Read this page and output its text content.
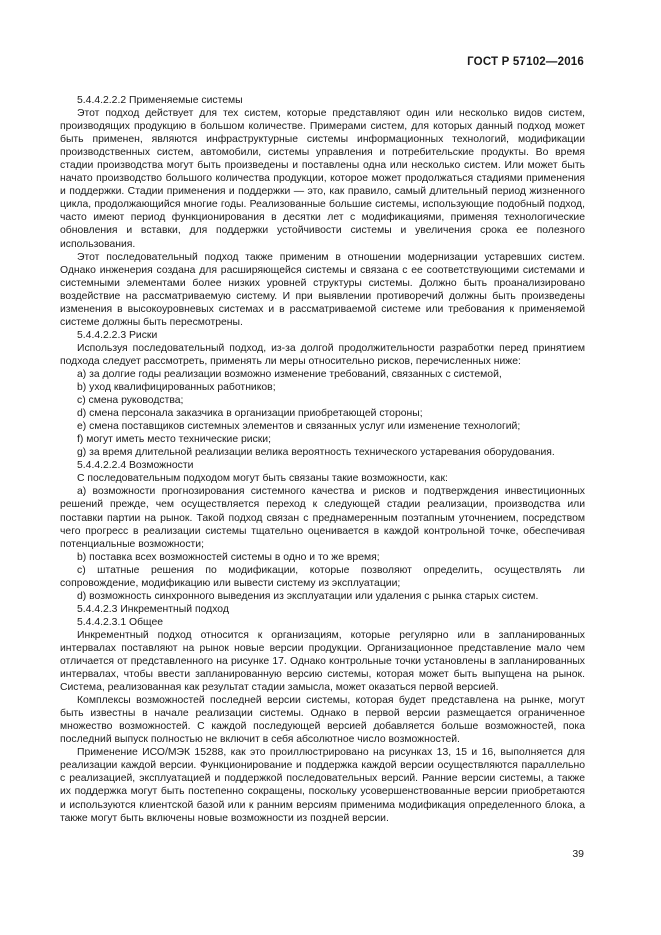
ГОСТ Р 57102—2016

5.4.4.2.2.2 Применяемые системы

Этот подход действует для тех систем, которые представляют один или несколько видов систем, производящих продукцию в большом количестве. Примерами систем, для которых данный подход может быть применен, являются инфраструктурные системы информационных технологий, модификации производственных систем, автомобили, системы управления и потребительские продукты. Во время стадии производства могут быть произведены и поставлены одна или несколько систем. Или может быть начато производство большого количества продукции, которое может продолжаться стадиями применения и поддержки. Стадии применения и поддержки — это, как правило, самый длительный период жизненного цикла, продолжающийся многие годы. Реализованные большие системы, использующие подобный подход, часто имеют период функционирования в десятки лет с модификациями, применяя технологические обновления и вставки, для поддержки устойчивости системы и увеличения срока ее полезного использования.

Этот последовательный подход также применим в отношении модернизации устаревших систем. Однако инженерия создана для расширяющейся системы и связана с ее соответствующими системами и системными элементами более низких уровней структуры системы. Должно быть проанализировано воздействие на рассматриваемую систему. И при выявлении противоречий должны быть произведены изменения в высокоуровневых системах и в рассматриваемой системе или требования к применяемой системе должны быть пересмотрены.

5.4.4.2.2.3 Риски

Используя последовательный подход, из-за долгой продолжительности разработки перед принятием подхода следует рассмотреть, применять ли меры относительно рисков, перечисленных ниже:

a) за долгие годы реализации возможно изменение требований, связанных с системой,

b) уход квалифицированных работников;

c) смена руководства;

d) смена персонала заказчика в организации приобретающей стороны;

e) смена поставщиков системных элементов и связанных услуг или изменение технологий;

f) могут иметь место технические риски;

g) за время длительной реализации велика вероятность технического устаревания оборудования.

5.4.4.2.2.4 Возможности

С последовательным подходом могут быть связаны такие возможности, как:

a) возможности прогнозирования системного качества и рисков и подтверждения инвестиционных решений прежде, чем осуществляется переход к следующей стадии реализации, производства или поставки партии на рынок. Такой подход связан с преднамеренным поэтапным уточнением, посредством чего прогресс в реализации системы тщательно оценивается в каждой контрольной точке, обеспечивая потенциальные возможности;

b) поставка всех возможностей системы в одно и то же время;

c) штатные решения по модификации, которые позволяют определить, осуществлять ли сопровождение, модификацию или вывести систему из эксплуатации;

d) возможность синхронного выведения из эксплуатации или удаления с рынка старых систем.

5.4.4.2.3 Инкрементный подход

5.4.4.2.3.1 Общее

Инкрементный подход относится к организациям, которые регулярно или в запланированных интервалах поставляют на рынок новые версии продукции. Организационное представление мало чем отличается от представленного на рисунке 17. Однако контрольные точки установлены в запланированных интервалах, чтобы ввести запланированную версию системы, которая может быть выпущена на рынок. Система, реализованная как результат стадии замысла, может оказаться первой версией.

Комплексы возможностей последней версии системы, которая будет представлена на рынке, могут быть известны в начале реализации системы. Однако в первой версии размещается ограниченное множество возможностей. С каждой последующей версией добавляется больше возможностей, пока последний выпуск полностью не включит в себя абсолютное число возможностей.

Применение ИСО/МЭК 15288, как это проиллюстрировано на рисунках 13, 15 и 16, выполняется для реализации каждой версии. Функционирование и поддержка каждой версии осуществляются параллельно с реализацией, эксплуатацией и поддержкой последовательных версий. Ранние версии системы, а также их поддержка могут быть постепенно сокращены, поскольку усовершенствованные версии приобретаются и используются клиентской базой или к ранним версиям применима модификация определенного блока, а также могут быть включены новые возможности из поздней версии.

39
